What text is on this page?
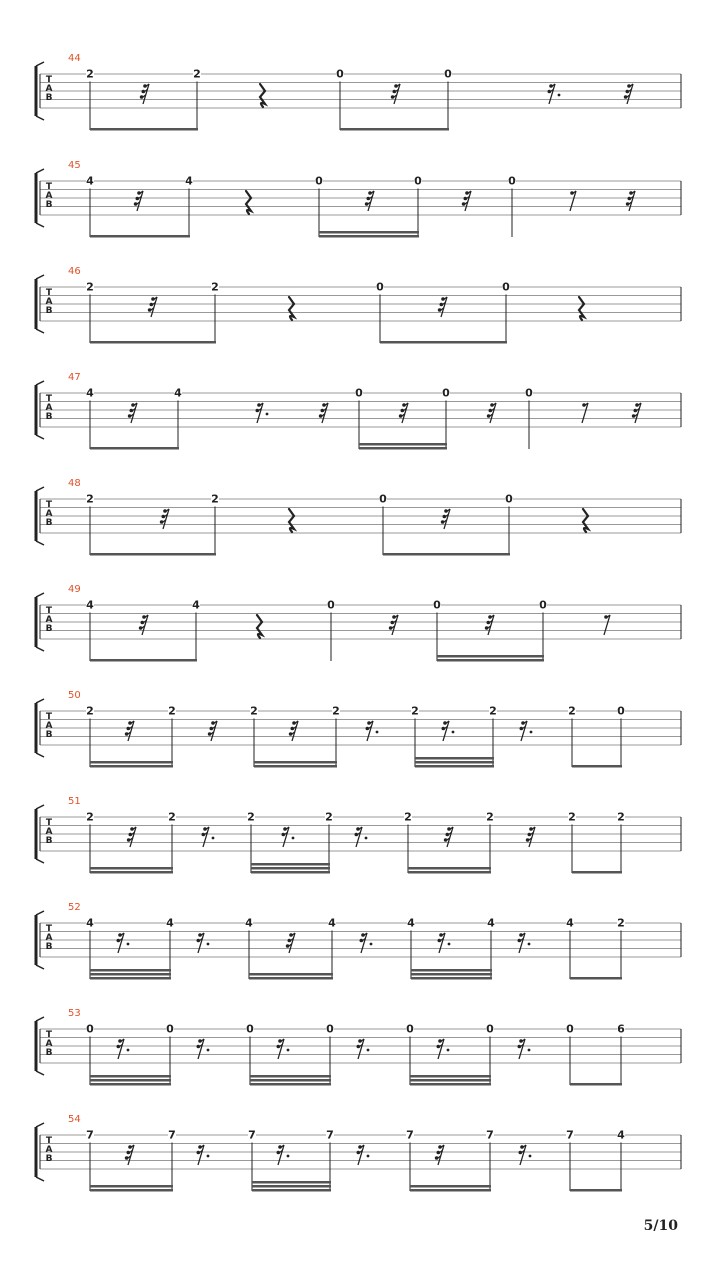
T
A
B
44
2	2	0	0
T
A
B
45
4	4	0	0	0
T
A
B
46
2	2	0	0
T
A
B
47
4	4	0	0	0
T
A
B
48
2	2	0	0
T
A
B
49
4	4	0	0	0
T
A
B
50
2	2	2	2	2	2	2	0
T
A
B
51
2	2	2	2	2	2	2	2
T
A
B
52
4	4	4	4	4	4	4	2
T
A
B
53
0	0	0	0	0	0	0	6
T
A
B
54
7	7	7	7	7	7	7	4
5/10
